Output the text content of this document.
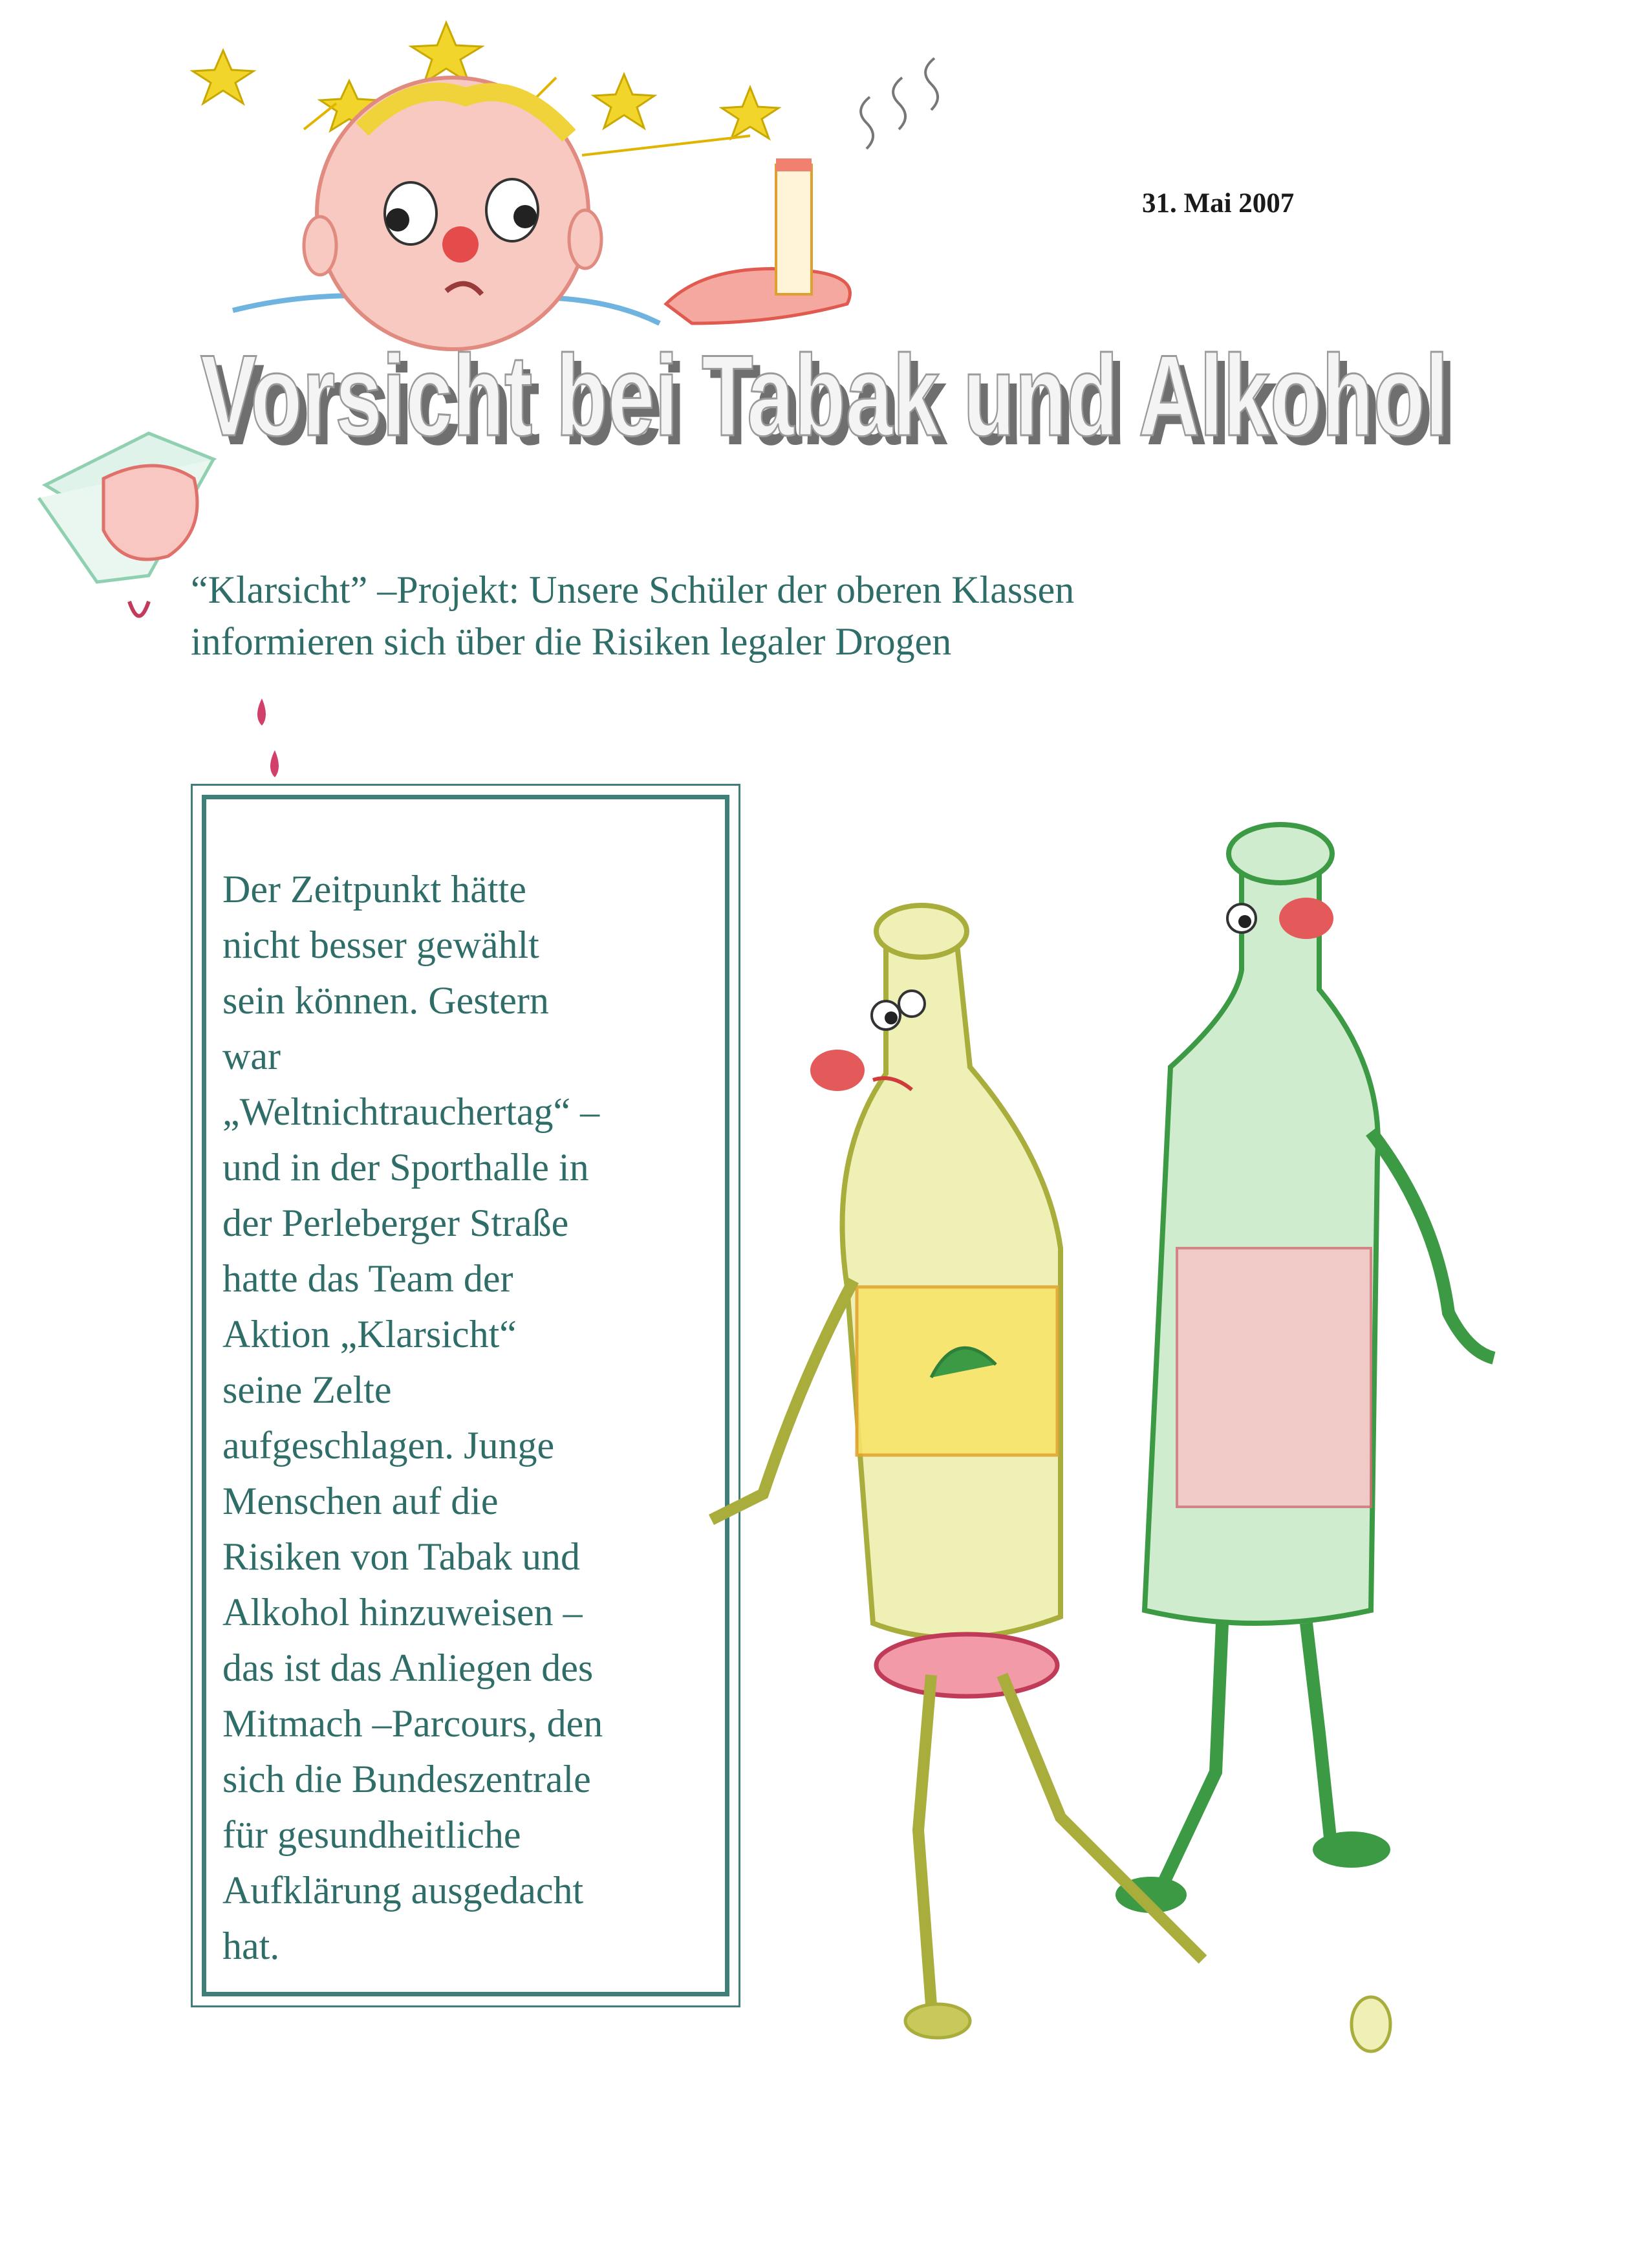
31. Mai 2007
Vorsicht bei Tabak und Alkohol
Vorsicht bei Tabak und Alkohol
“Klarsicht” –Projekt: Unsere Schüler der oberen Klassen
informieren sich über die Risiken legaler Drogen
Der Zeitpunkt hätte
nicht besser gewählt
sein können. Gestern
war
„Weltnichtrauchertag“ –
und in der Sporthalle in
der Perleberger Straße
hatte das Team der
Aktion „Klarsicht“
seine Zelte
aufgeschlagen. Junge
Menschen auf die
Risiken von Tabak und
Alkohol hinzuweisen –
das ist das Anliegen des
Mitmach –Parcours, den
sich die Bundeszentrale
für gesundheitliche
Aufklärung ausgedacht
hat.
